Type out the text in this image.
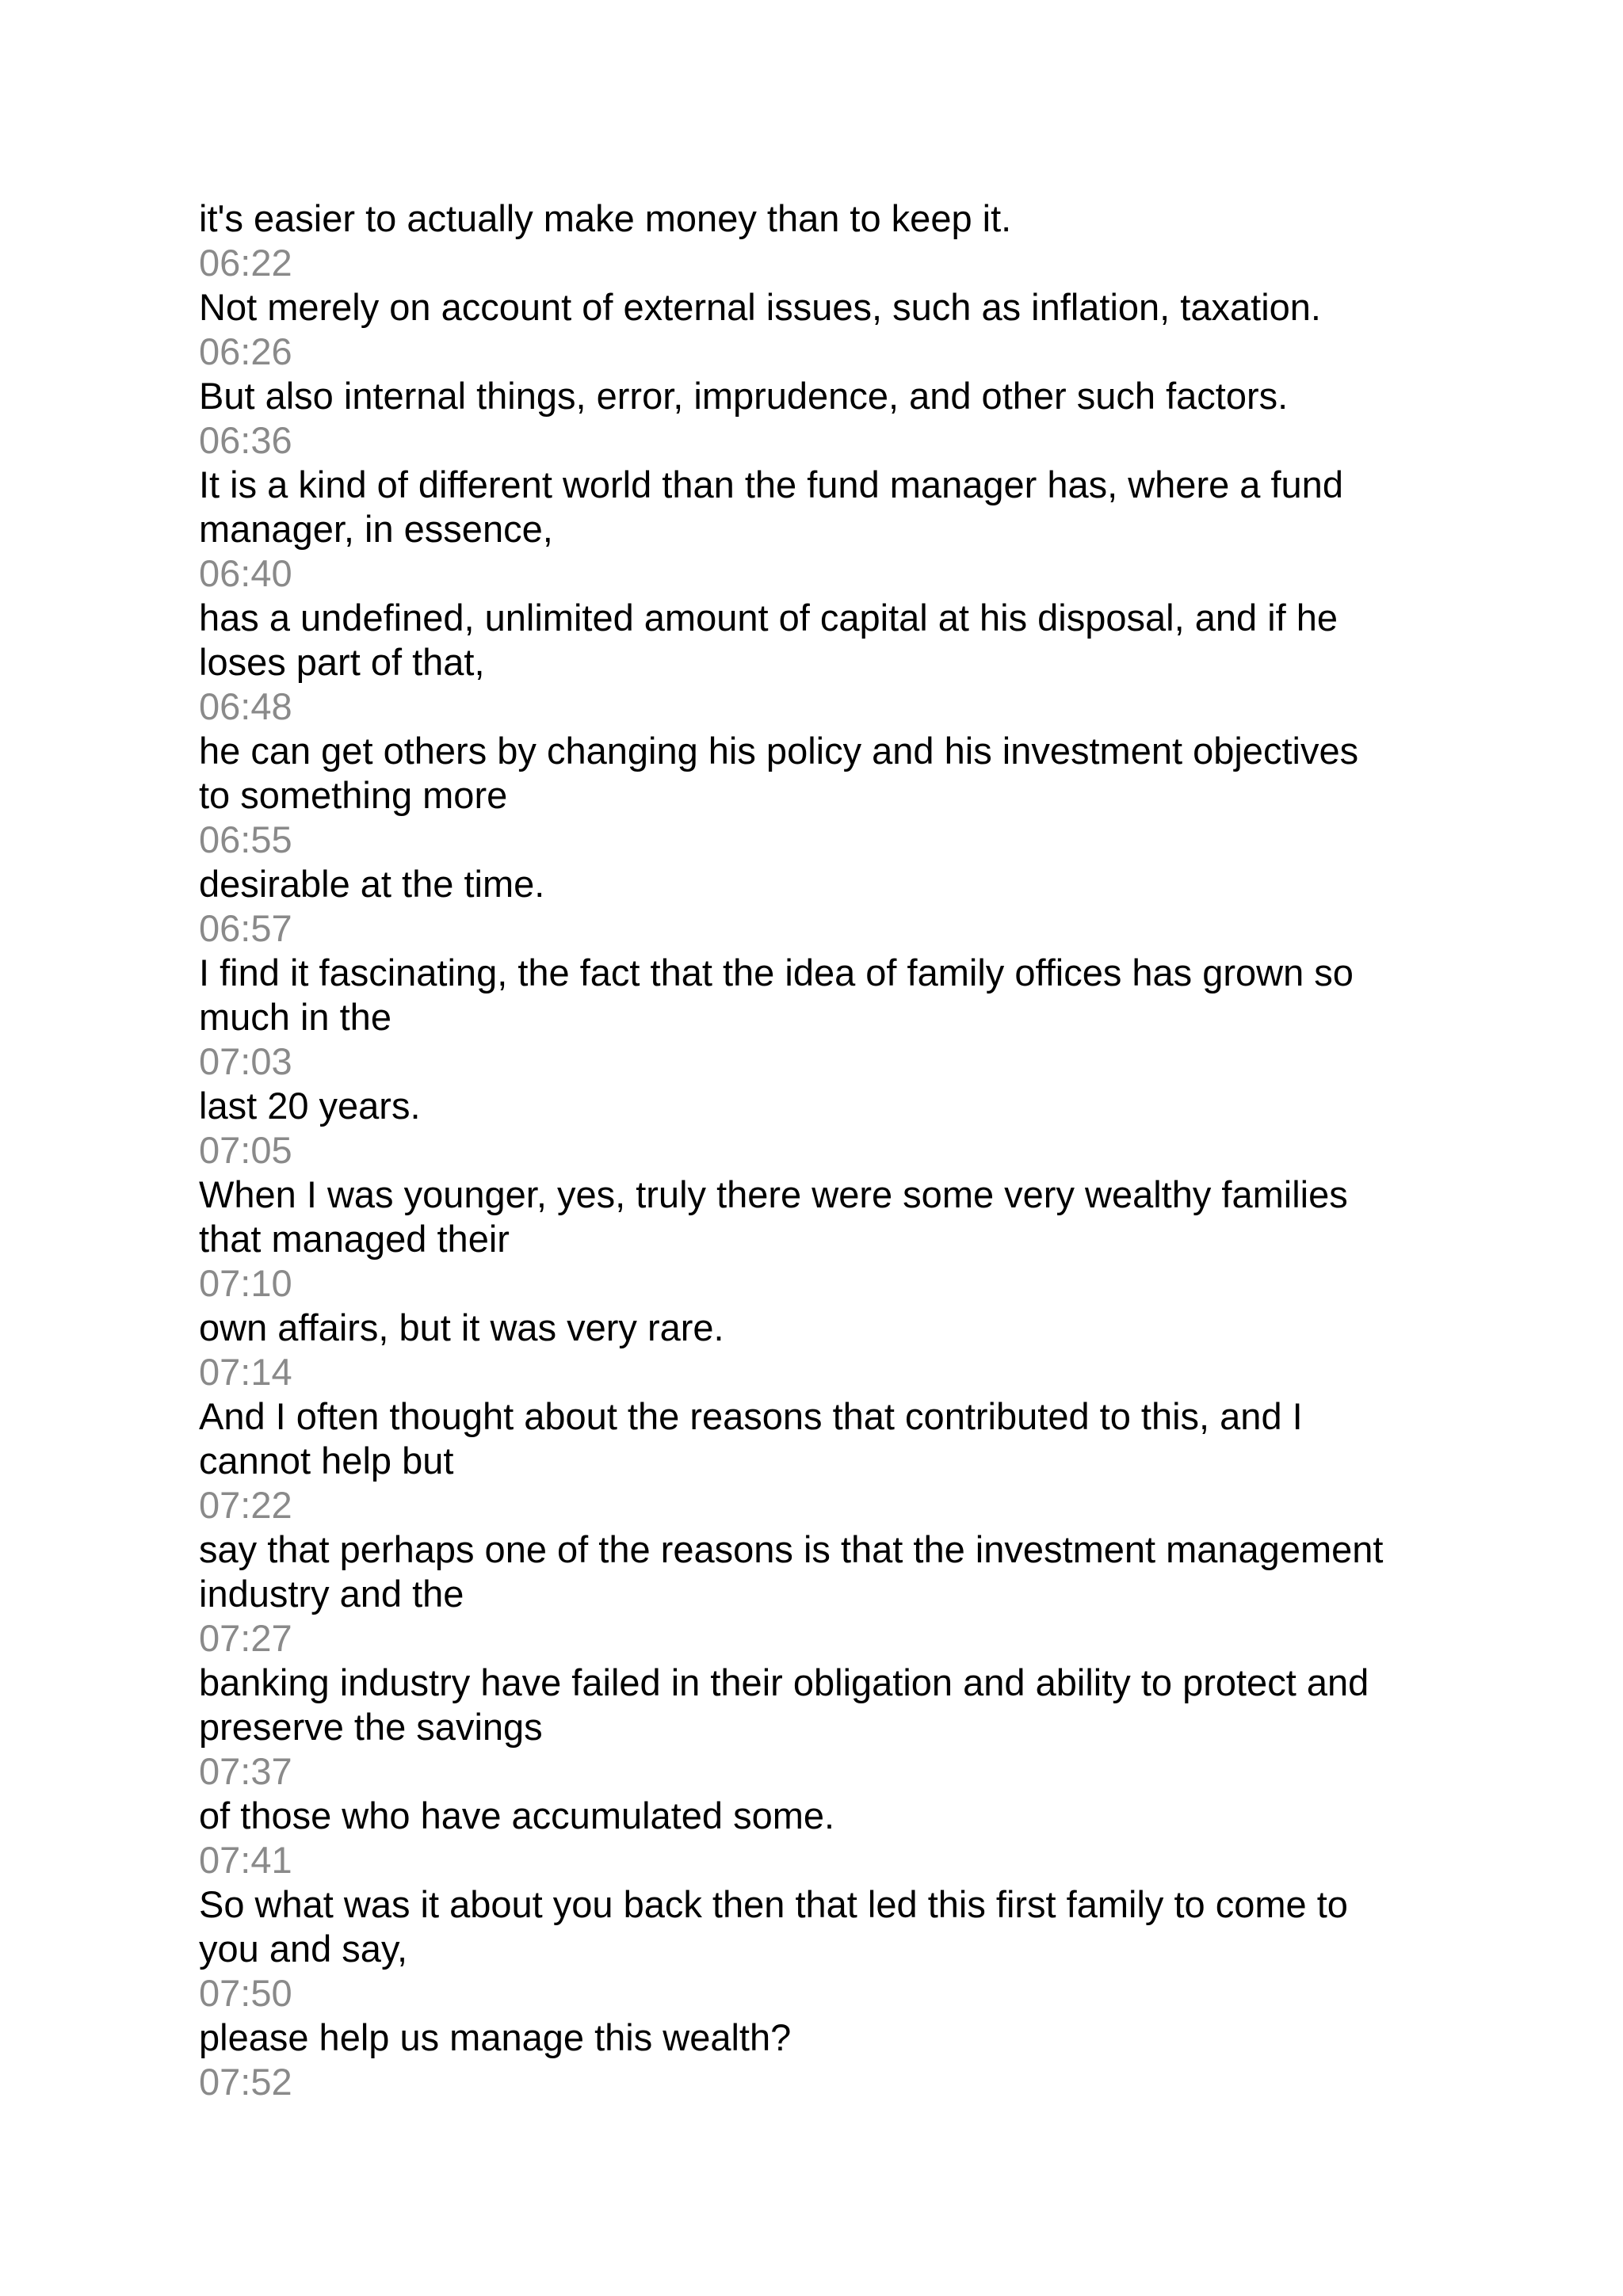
it's easier to actually make money than to keep it.
06:22
Not merely on account of external issues, such as inflation, taxation.
06:26
But also internal things, error, imprudence, and other such factors.
06:36
It is a kind of different world than the fund manager has, where a fund
manager, in essence,
06:40
has a undefined, unlimited amount of capital at his disposal, and if he
loses part of that,
06:48
he can get others by changing his policy and his investment objectives
to something more
06:55
desirable at the time.
06:57
I find it fascinating, the fact that the idea of family offices has grown so
much in the
07:03
last 20 years.
07:05
When I was younger, yes, truly there were some very wealthy families
that managed their
07:10
own affairs, but it was very rare.
07:14
And I often thought about the reasons that contributed to this, and I
cannot help but
07:22
say that perhaps one of the reasons is that the investment management
industry and the
07:27
banking industry have failed in their obligation and ability to protect and
preserve the savings
07:37
of those who have accumulated some.
07:41
So what was it about you back then that led this first family to come to
you and say,
07:50
please help us manage this wealth?
07:52
